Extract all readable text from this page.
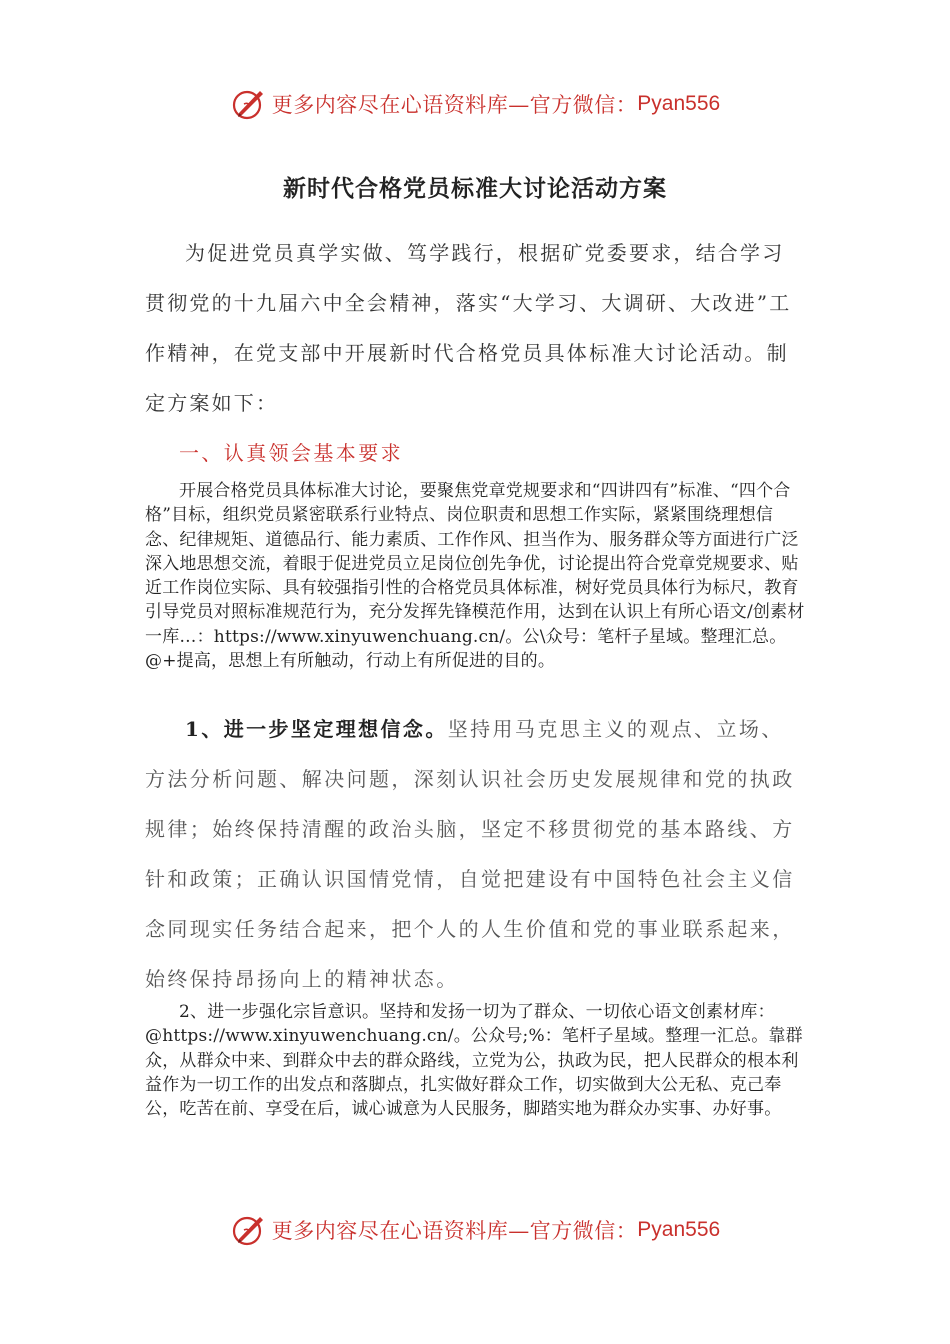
更多内容尽在心语资料库—官方微信： Pyan556
新时代合格党员标准大讨论活动方案
为促进党员真学实做、笃学践行，根据矿党委要求，结合学习贯彻党的十九届六中全会精神，落实“大学习、大调研、大改进”工作精神，在党支部中开展新时代合格党员具体标准大讨论活动。制定方案如下：
一、认真领会基本要求
开展合格党员具体标准大讨论，要聚焦党章党规要求和“四讲四有”标准、“四个合格”目标，组织党员紧密联系行业特点、岗位职责和思想工作实际，紧紧围绕理想信念、纪律规矩、道德品行、能力素质、工作作风、担当作为、服务群众等方面进行广泛深入地思想交流，着眼于促进党员立足岗位创先争优，讨论提出符合党章党规要求、贴近工作岗位实际、具有较强指引性的合格党员具体标准，树好党员具体行为标尺，教育引导党员对照标准规范行为，充分发挥先锋模范作用，达到在认识上有所心语文/创素材一库…：https://www.xinyuwenchuang.cn/。公\众号：笔杆子星域。整理汇总。@+提高，思想上有所触动，行动上有所促进的目的。
1、进一步坚定理想信念。坚持用马克思主义的观点、立场、方法分析问题、解决问题，深刻认识社会历史发展规律和党的执政规律；始终保持清醒的政治头脑，坚定不移贯彻党的基本路线、方针和政策；正确认识国情党情，自觉把建设有中国特色社会主义信念同现实任务结合起来，把个人的人生价值和党的事业联系起来，始终保持昂扬向上的精神状态。
2、进一步强化宗旨意识。坚持和发扬一切为了群众、一切依心语文创素材库：@https://www.xinyuwenchuang.cn/。公众号;%：笔杆子星域。整理一汇总。靠群众，从群众中来、到群众中去的群众路线，立党为公，执政为民，把人民群众的根本利益作为一切工作的出发点和落脚点，扎实做好群众工作，切实做到大公无私、克己奉公，吃苦在前、享受在后，诚心诚意为人民服务，脚踏实地为群众办实事、办好事。
更多内容尽在心语资料库—官方微信： Pyan556
